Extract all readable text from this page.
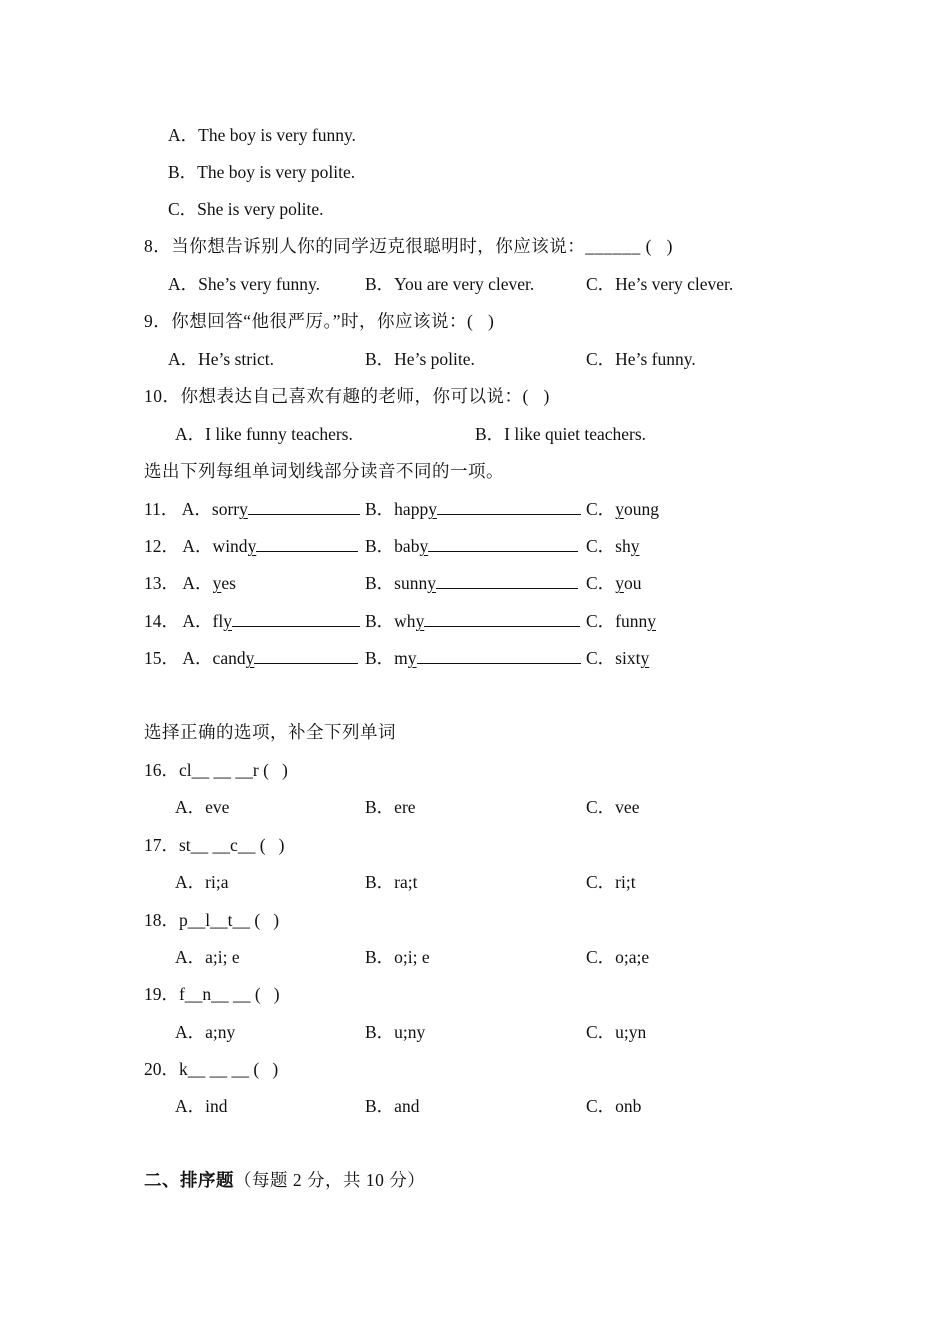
A．The boy is very funny.
B．The boy is very polite.
C．She is very polite.
8．当你想告诉别人你的同学迈克很聪明时，你应该说：______ (   )
A．She’s very funny.	B．You are very clever.	C．He’s very clever.
9．你想回答“他很严厉。”时，你应该说：(   )
A．He’s strict.	B．He’s polite.	C．He’s funny.
10．你想表达自己喜欢有趣的老师，你可以说：(   )
A．I like funny teachers.	B．I like quiet teachers.
选出下列每组单词划线部分读音不同的一项。
11． A．sorry	B．happy	C．young
12． A．windy	B．baby	C．shy
13． A．yes	B．sunny	C．you
14． A．fly	B．why	C．funny
15． A．candy	B．my	C．sixty
选择正确的选项，补全下列单词
16．cl__ __ __r (   )
A．eve	B．ere	C．vee
17．st__ __c__ (   )
A．ri;a	B．ra;t	C．ri;t
18．p__l__t__ (   )
A．a;i; e	B．o;i; e	C．o;a;e
19．f__n__ __ (   )
A．a;ny	B．u;ny	C．u;yn
20．k__ __ __ (   )
A．ind	B．and	C．onb
二、排序题（每题 2 分，共 10 分）
